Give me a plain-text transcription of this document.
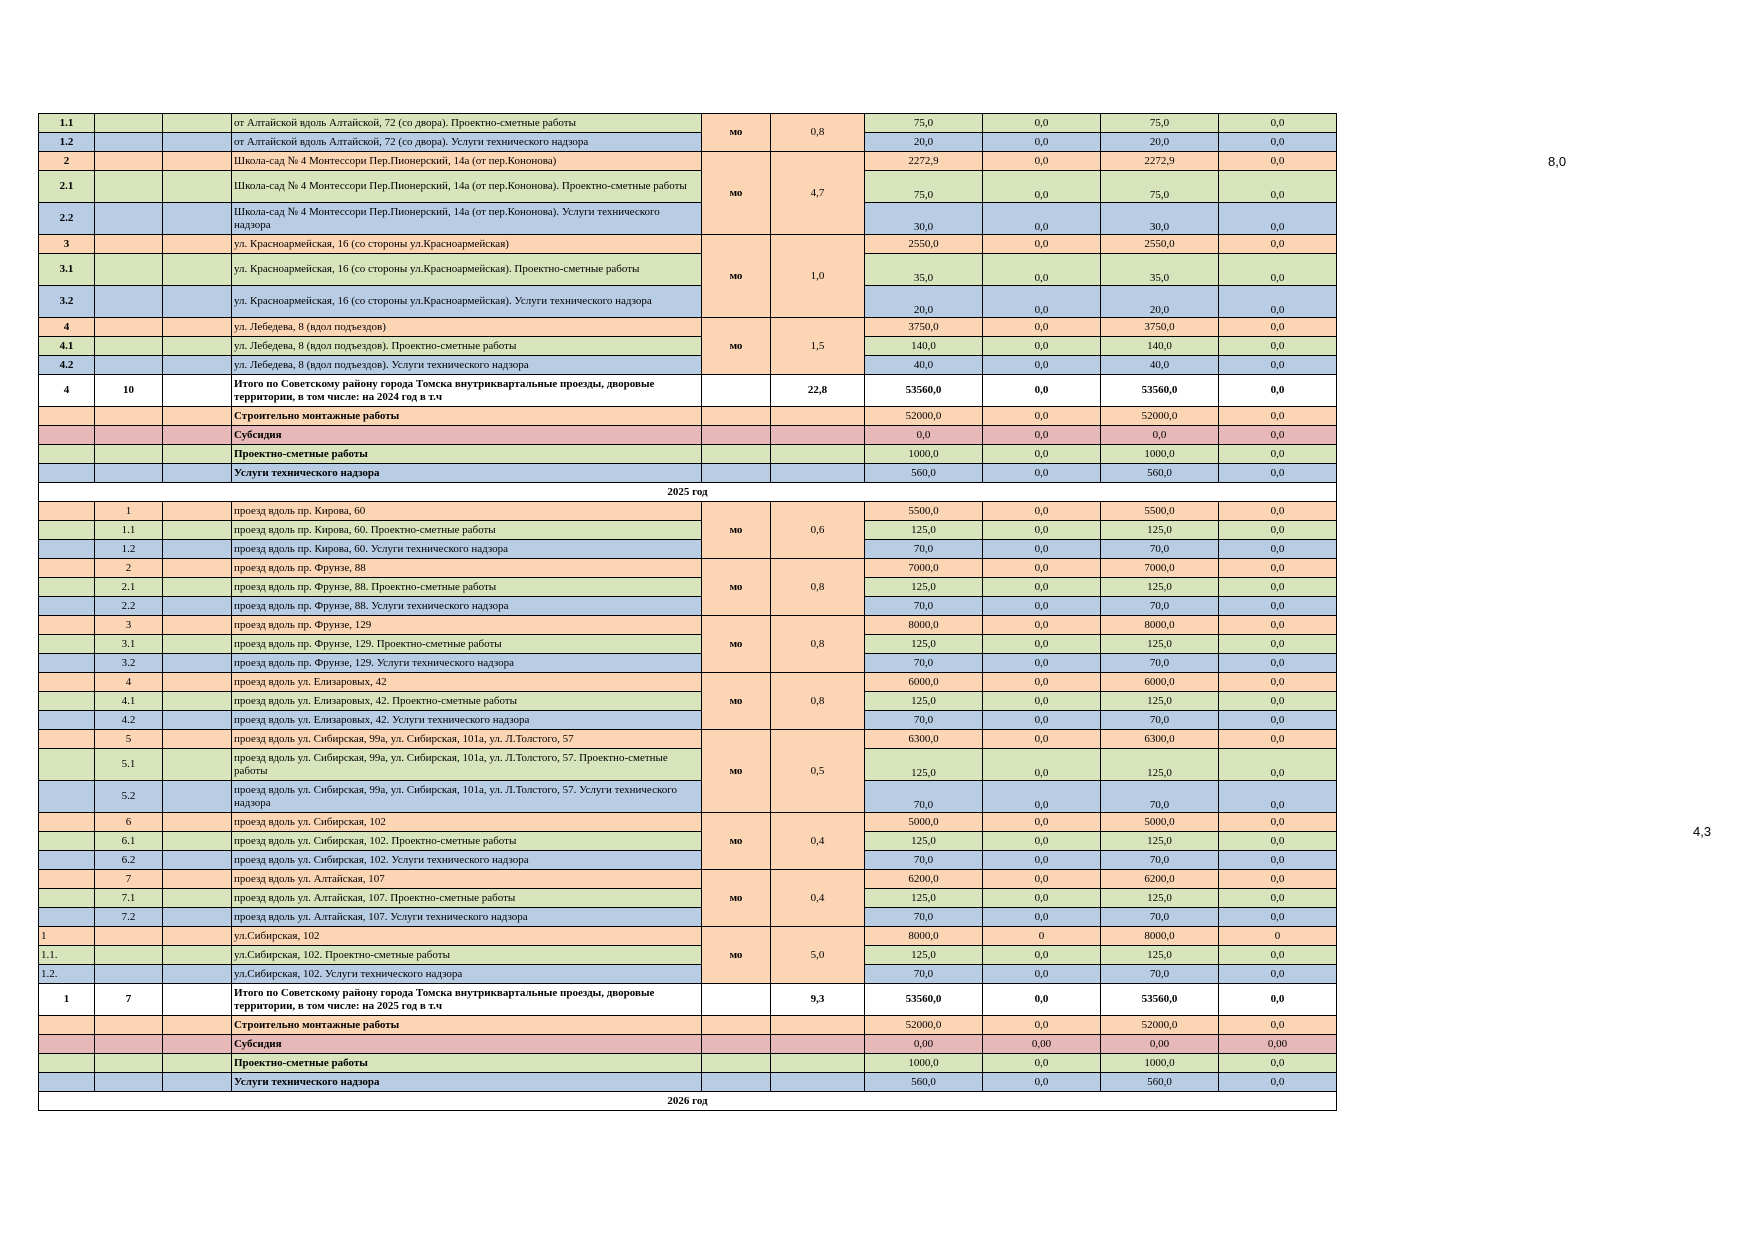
1.1			от Алтайской вдоль Алтайской, 72 (со двора). Проектно-сметные работы	мо	0,8	75,0	0,0	75,0	0,0
1.2			от Алтайской вдоль Алтайской, 72 (со двора). Услуги технического надзора			20,0	0,0	20,0	0,0
2			Школа-сад № 4 Монтессори Пер.Пионерский, 14а (от пер.Кононова)	мо	4,7	2272,9	0,0	2272,9	0,0
2.1			Школа-сад № 4 Монтессори Пер.Пионерский, 14а (от пер.Кононова). Проектно-сметные работы			75,0	0,0	75,0	0,0
2.2			Школа-сад № 4 Монтессори Пер.Пионерский, 14а (от пер.Кононова). Услуги технического надзора			30,0	0,0	30,0	0,0
3			ул. Красноармейская, 16 (со стороны ул.Красноармейская)	мо	1,0	2550,0	0,0	2550,0	0,0
3.1			ул. Красноармейская, 16 (со стороны ул.Красноармейская). Проектно-сметные работы			35,0	0,0	35,0	0,0
3.2			ул. Красноармейская, 16 (со стороны ул.Красноармейская). Услуги технического надзора			20,0	0,0	20,0	0,0
4			ул. Лебедева, 8 (вдол подъездов)	мо	1,5	3750,0	0,0	3750,0	0,0
4.1			ул. Лебедева, 8 (вдол подъездов). Проектно-сметные работы			140,0	0,0	140,0	0,0
4.2			ул. Лебедева, 8 (вдол подъездов). Услуги технического надзора			40,0	0,0	40,0	0,0
4	10		Итого по Советскому району города Томска внутриквартальные проезды, дворовые территории, в том числе: на 2024 год в т.ч		22,8	53560,0	0,0	53560,0	0,0
			Строительно монтажные работы			52000,0	0,0	52000,0	0,0
			Субсидия			0,0	0,0	0,0	0,0
			Проектно-сметные работы			1000,0	0,0	1000,0	0,0
			Услуги технического надзора			560,0	0,0	560,0	0,0
2025 год									
	1		проезд вдоль пр. Кирова, 60	мо	0,6	5500,0	0,0	5500,0	0,0
	1.1		проезд вдоль пр. Кирова, 60. Проектно-сметные работы			125,0	0,0	125,0	0,0
	1.2		проезд вдоль пр. Кирова, 60. Услуги технического надзора			70,0	0,0	70,0	0,0
	2		проезд вдоль пр. Фрунзе, 88	мо	0,8	7000,0	0,0	7000,0	0,0
	2.1		проезд вдоль пр. Фрунзе, 88. Проектно-сметные работы			125,0	0,0	125,0	0,0
	2.2		проезд вдоль пр. Фрунзе, 88. Услуги технического надзора			70,0	0,0	70,0	0,0
	3		проезд вдоль пр. Фрунзе, 129	мо	0,8	8000,0	0,0	8000,0	0,0
	3.1		проезд вдоль пр. Фрунзе, 129. Проектно-сметные работы			125,0	0,0	125,0	0,0
	3.2		проезд вдоль пр. Фрунзе, 129. Услуги технического надзора			70,0	0,0	70,0	0,0
	4		проезд вдоль ул. Елизаровых, 42	мо	0,8	6000,0	0,0	6000,0	0,0
	4.1		проезд вдоль ул. Елизаровых, 42. Проектно-сметные работы			125,0	0,0	125,0	0,0
	4.2		проезд вдоль ул. Елизаровых, 42. Услуги технического надзора			70,0	0,0	70,0	0,0
	5		проезд вдоль ул. Сибирская, 99а, ул. Сибирская, 101а, ул. Л.Толстого, 57	мо	0,5	6300,0	0,0	6300,0	0,0
	5.1		проезд вдоль ул. Сибирская, 99а, ул. Сибирская, 101а, ул. Л.Толстого, 57. Проектно-сметные работы			125,0	0,0	125,0	0,0
	5.2		проезд вдоль ул. Сибирская, 99а, ул. Сибирская, 101а, ул. Л.Толстого, 57. Услуги технического надзора			70,0	0,0	70,0	0,0
	6		проезд вдоль ул. Сибирская, 102	мо	0,4	5000,0	0,0	5000,0	0,0
	6.1		проезд вдоль ул. Сибирская, 102. Проектно-сметные работы			125,0	0,0	125,0	0,0
	6.2		проезд вдоль ул. Сибирская, 102. Услуги технического надзора			70,0	0,0	70,0	0,0
	7		проезд вдоль ул. Алтайская, 107	мо	0,4	6200,0	0,0	6200,0	0,0
	7.1		проезд вдоль ул. Алтайская, 107. Проектно-сметные работы			125,0	0,0	125,0	0,0
	7.2		проезд вдоль ул. Алтайская, 107. Услуги технического надзора			70,0	0,0	70,0	0,0
1			ул.Сибирская, 102	мо	5,0	8000,0	0	8000,0	0
1.1.			ул.Сибирская, 102. Проектно-сметные работы			125,0	0,0	125,0	0,0
1.2.			ул.Сибирская, 102. Услуги технического надзора			70,0	0,0	70,0	0,0
1	7		Итого по Советскому району города Томска внутриквартальные проезды, дворовые территории, в том числе: на 2025 год в т.ч		9,3	53560,0	0,0	53560,0	0,0
			Строительно монтажные работы			52000,0	0,0	52000,0	0,0
			Субсидия			0,00	0,00	0,00	0,00
			Проектно-сметные работы			1000,0	0,0	1000,0	0,0
			Услуги технического надзора			560,0	0,0	560,0	0,0
2026 год									
8,0
4,3
